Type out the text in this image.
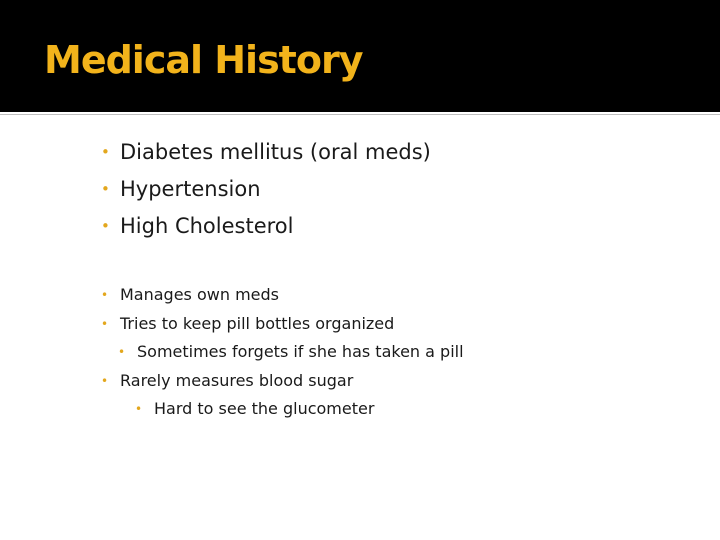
Medical History
• Diabetes mellitus (oral meds)
• Hypertension
• High Cholesterol
• Manages own meds
• Tries to keep pill bottles organized
• Sometimes forgets if she has taken a pill
• Rarely measures blood sugar
• Hard to see the glucometer
